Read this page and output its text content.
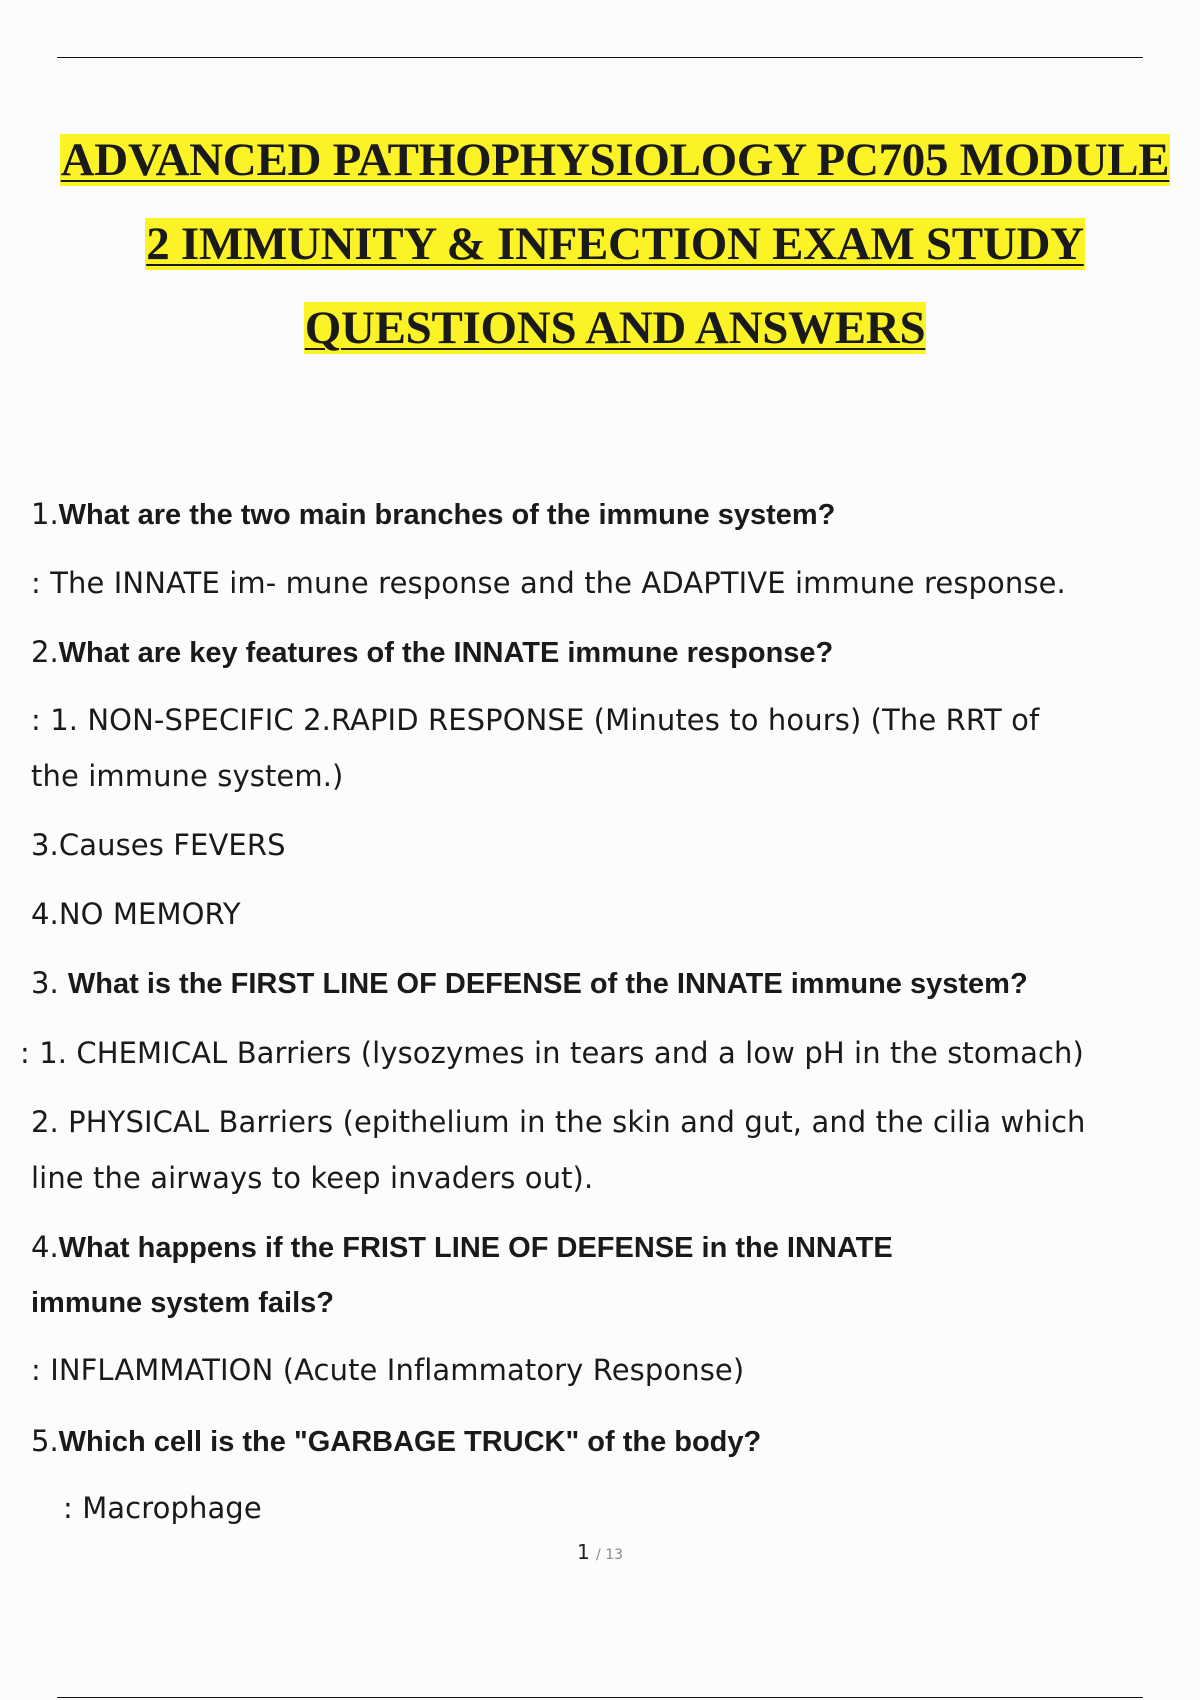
ADVANCED PATHOPHYSIOLOGY PC705 MODULE
2 IMMUNITY & INFECTION EXAM STUDY
QUESTIONS AND ANSWERS

1.What are the two main branches of the immune system?

: The INNATE im- mune response and the ADAPTIVE immune response.

2.What are key features of the INNATE immune response?

: 1. NON-SPECIFIC 2.RAPID RESPONSE (Minutes to hours) (The RRT of

the immune system.)

3.Causes FEVERS

4.NO MEMORY

3. What is the FIRST LINE OF DEFENSE of the INNATE immune system?

: 1. CHEMICAL Barriers (lysozymes in tears and a low pH in the stomach)

2. PHYSICAL Barriers (epithelium in the skin and gut, and the cilia which

line the airways to keep invaders out).

4.What happens if the FRIST LINE OF DEFENSE in the INNATE

immune system fails?

: INFLAMMATION (Acute Inflammatory Response)

5.Which cell is the "GARBAGE TRUCK" of the body?

: Macrophage

1 / 13
